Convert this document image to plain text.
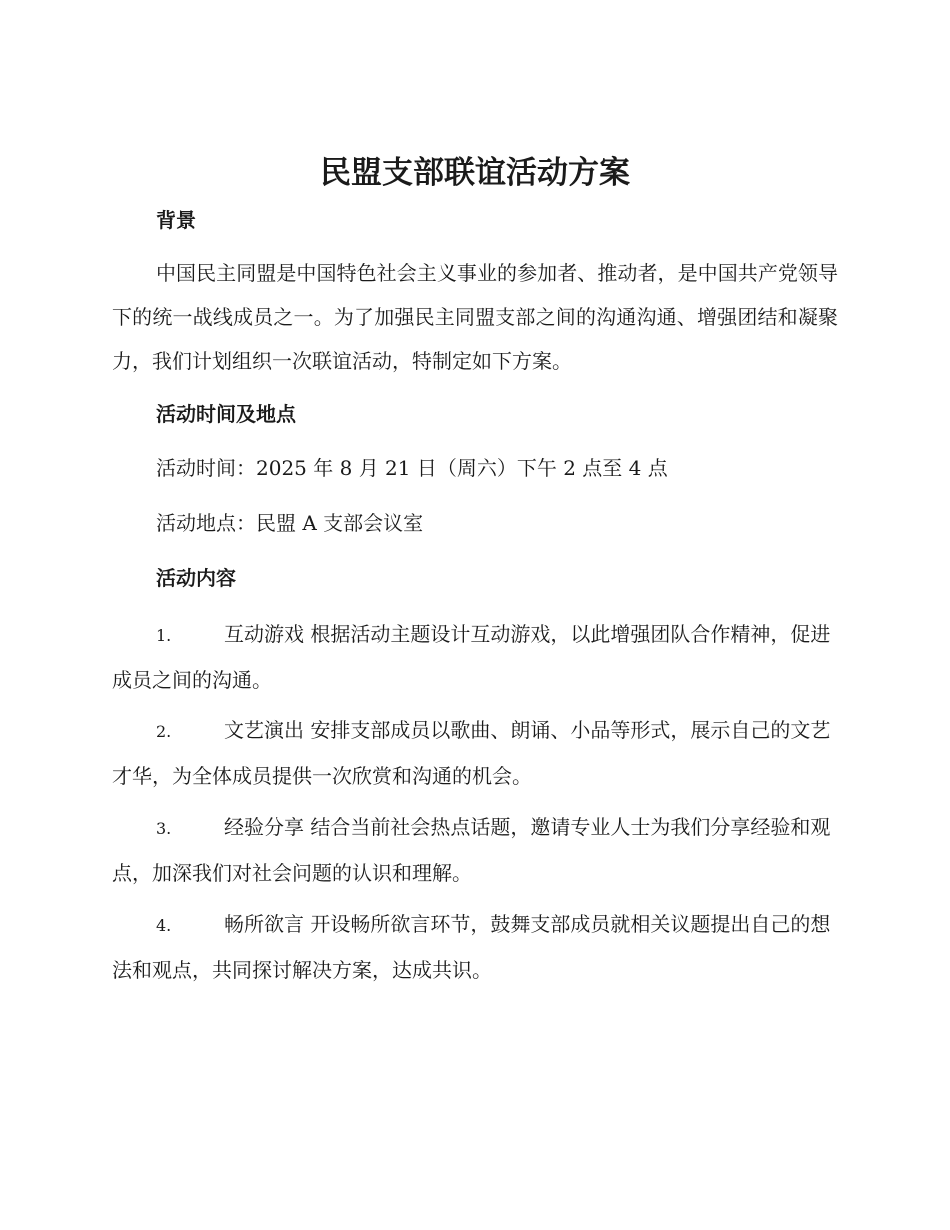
民盟支部联谊活动方案
背景

中国民主同盟是中国特色社会主义事业的参加者、推动者，是中国共产党领导下的统一战线成员之一。为了加强民主同盟支部之间的沟通沟通、增强团结和凝聚力，我们计划组织一次联谊活动，特制定如下方案。

活动时间及地点

活动时间：2025 年 8 月 21 日（周六）下午 2 点至 4 点

活动地点：民盟 A 支部会议室

活动内容

1.	互动游戏 根据活动主题设计互动游戏，以此增强团队合作精神，促进成员之间的沟通。

2.	文艺演出 安排支部成员以歌曲、朗诵、小品等形式，展示自己的文艺才华，为全体成员提供一次欣赏和沟通的机会。

3.	经验分享 结合当前社会热点话题，邀请专业人士为我们分享经验和观点，加深我们对社会问题的认识和理解。

4.	畅所欲言 开设畅所欲言环节，鼓舞支部成员就相关议题提出自己的想法和观点，共同探讨解决方案，达成共识。
